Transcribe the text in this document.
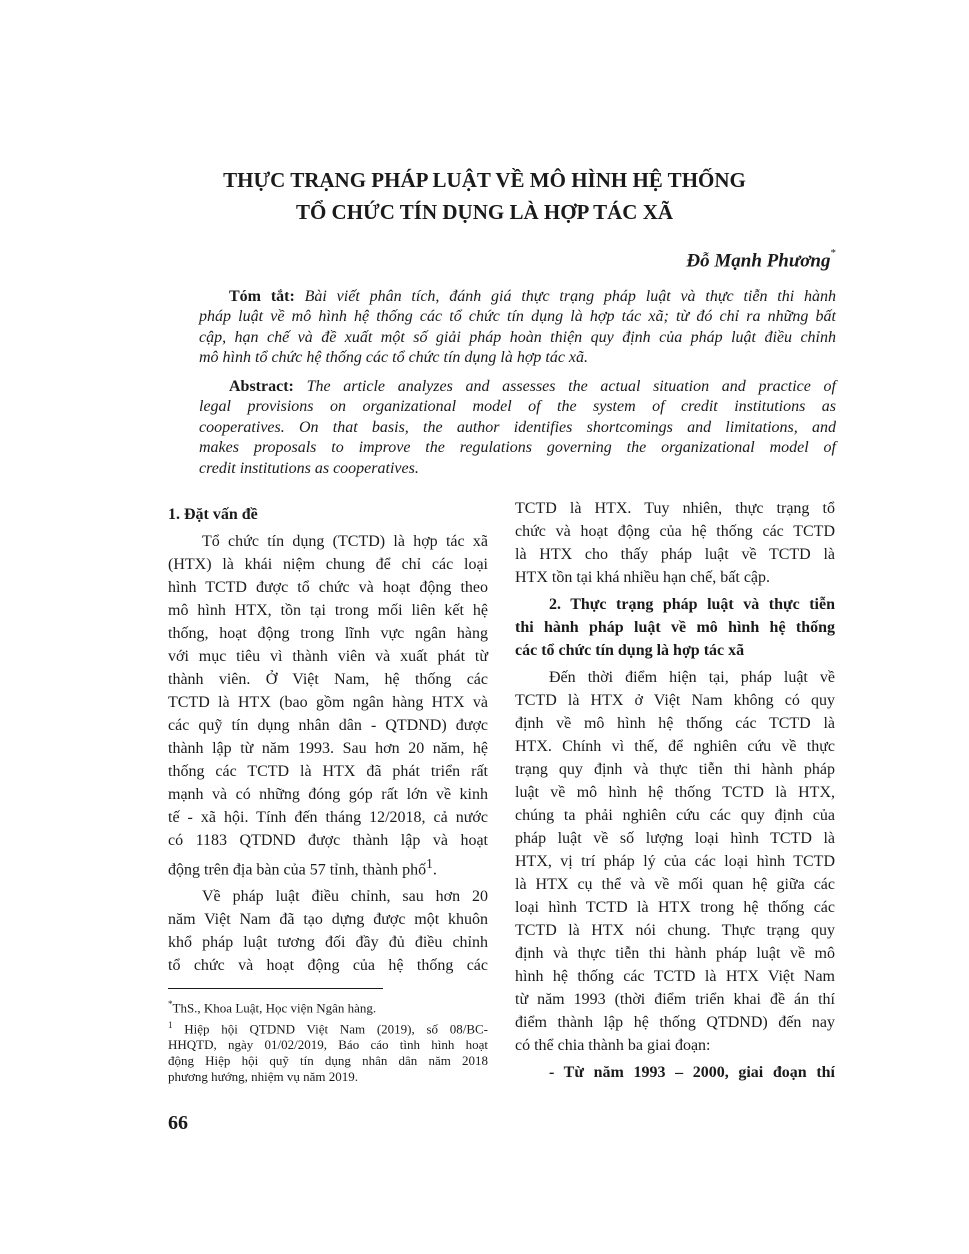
THỰC TRẠNG PHÁP LUẬT VỀ MÔ HÌNH HỆ THỐNG
TỔ CHỨC TÍN DỤNG LÀ HỢP TÁC XÃ
Đỗ Mạnh Phương*
Tóm tắt: Bài viết phân tích, đánh giá thực trạng pháp luật và thực tiễn thi hành
pháp luật về mô hình hệ thống các tổ chức tín dụng là hợp tác xã; từ đó chỉ ra những bất
cập, hạn chế và đề xuất một số giải pháp hoàn thiện quy định của pháp luật điều chỉnh
mô hình tổ chức hệ thống các tổ chức tín dụng là hợp tác xã.
Abstract: The article analyzes and assesses the actual situation and practice of
legal provisions on organizational model of the system of credit institutions as
cooperatives. On that basis, the author identifies shortcomings and limitations, and
makes proposals to improve the regulations governing the organizational model of
credit institutions as cooperatives.
1. Đặt vấn đề

Tổ chức tín dụng (TCTD) là hợp tác xã
(HTX) là khái niệm chung để chỉ các loại
hình TCTD được tổ chức và hoạt động theo
mô hình HTX, tồn tại trong mối liên kết hệ
thống, hoạt động trong lĩnh vực ngân hàng
với mục tiêu vì thành viên và xuất phát từ
thành viên. Ở Việt Nam, hệ thống các
TCTD là HTX (bao gồm ngân hàng HTX và
các quỹ tín dụng nhân dân - QTDND) được
thành lập từ năm 1993. Sau hơn 20 năm, hệ
thống các TCTD là HTX đã phát triển rất
mạnh và có những đóng góp rất lớn về kinh
tế - xã hội. Tính đến tháng 12/2018, cả nước
có 1183 QTDND được thành lập và hoạt
động trên địa bàn của 57 tỉnh, thành phố$^1$.

Về pháp luật điều chỉnh, sau hơn 20
năm Việt Nam đã tạo dựng được một khuôn
khổ pháp luật tương đối đầy đủ điều chỉnh
tổ chức và hoạt động của hệ thống các

TCTD là HTX. Tuy nhiên, thực trạng tổ
chức và hoạt động của hệ thống các TCTD
là HTX cho thấy pháp luật về TCTD là
HTX tồn tại khá nhiều hạn chế, bất cập.

2. Thực trạng pháp luật và thực tiễn
thi hành pháp luật về mô hình hệ thống
các tổ chức tín dụng là hợp tác xã

Đến thời điểm hiện tại, pháp luật về
TCTD là HTX ở Việt Nam không có quy
định về mô hình hệ thống các TCTD là
HTX. Chính vì thế, để nghiên cứu về thực
trạng quy định và thực tiễn thi hành pháp
luật về mô hình hệ thống TCTD là HTX,
chúng ta phải nghiên cứu các quy định của
pháp luật về số lượng loại hình TCTD là
HTX, vị trí pháp lý của các loại hình TCTD
là HTX cụ thể và về mối quan hệ giữa các
loại hình TCTD là HTX trong hệ thống các
TCTD là HTX nói chung. Thực trạng quy
định và thực tiễn thi hành pháp luật về mô
hình hệ thống các TCTD là HTX Việt Nam
từ năm 1993 (thời điểm triển khai đề án thí
điểm thành lập hệ thống QTDND) đến nay
có thể chia thành ba giai đoạn:

- Từ năm 1993 – 2000, giai đoạn thí
*ThS., Khoa Luật, Học viện Ngân hàng.
$^1$ Hiệp hội QTDND Việt Nam (2019), số 08/BC-
HHQTD, ngày 01/02/2019, Báo cáo tình hình hoạt
động Hiệp hội quỹ tín dụng nhân dân năm 2018
phương hướng, nhiệm vụ năm 2019.
66
